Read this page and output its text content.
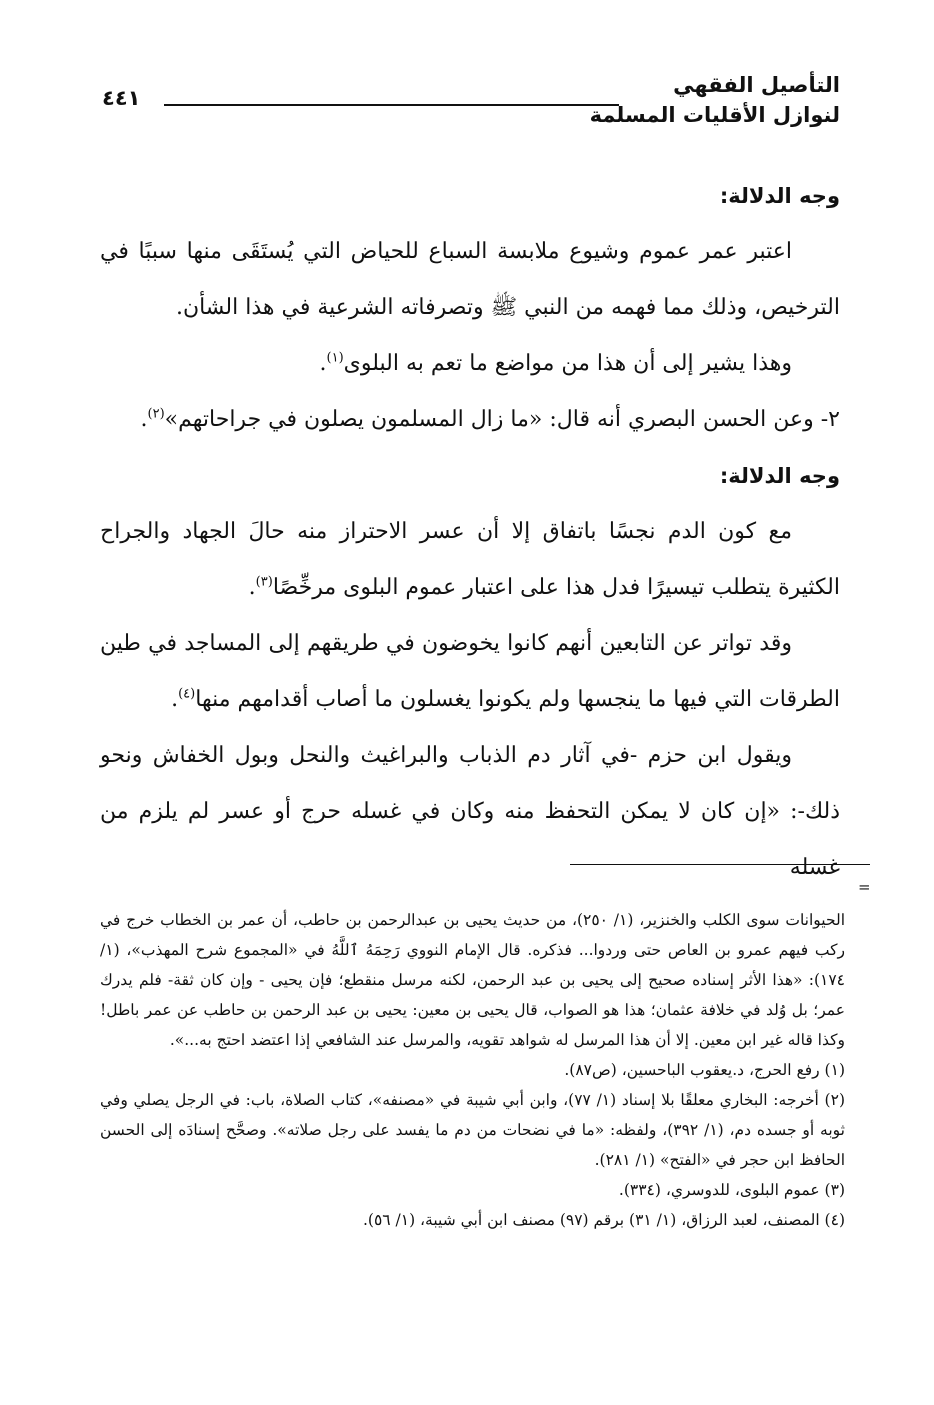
التأصيل الفقهي
لنوازل الأقليات المسلمة
٤٤١

وجه الدلالة:

اعتبر عمر عموم وشيوع ملابسة السباع للحياض التي يُستَقَى منها سببًا في الترخيص، وذلك مما فهمه من النبي ﷺ وتصرفاته الشرعية في هذا الشأن.

وهذا يشير إلى أن هذا من مواضع ما تعم به البلوى$^{(١)}$.

٢- وعن الحسن البصري أنه قال: «ما زال المسلمون يصلون في جراحاتهم»$^{(٢)}$.

وجه الدلالة:

مع كون الدم نجسًا باتفاق إلا أن عسر الاحتراز منه حالَ الجهاد والجراح الكثيرة يتطلب تيسيرًا فدل هذا على اعتبار عموم البلوى مرخِّصًا$^{(٣)}$.

وقد تواتر عن التابعين أنهم كانوا يخوضون في طريقهم إلى المساجد في طين الطرقات التي فيها ما ينجسها ولم يكونوا يغسلون ما أصاب أقدامهم منها$^{(٤)}$.

ويقول ابن حزم -في آثار دم الذباب والبراغيث والنحل وبول الخفاش ونحو ذلك-: «إن كان لا يمكن التحفظ منه وكان في غسله حرج أو عسر لم يلزم من غسله

=

الحيوانات سوى الكلب والخنزير، (١/ ٢٥٠)، من حديث يحيى بن عبدالرحمن بن حاطب، أن عمر بن الخطاب خرج في ركب فيهم عمرو بن العاص حتى وردوا... فذكره. قال الإمام النووي رَحِمَهُ ٱللَّهُ في «المجموع شرح المهذب»، (١/ ١٧٤): «هذا الأثر إسناده صحيح إلى يحيى بن عبد الرحمن، لكنه مرسل منقطع؛ فإن يحيى - وإن كان ثقة- فلم يدرك عمر؛ بل وُلد في خلافة عثمان؛ هذا هو الصواب، قال يحيى بن معين: يحيى بن عبد الرحمن بن حاطب عن عمر باطل! وكذا قاله غير ابن معين. إلا أن هذا المرسل له شواهد تقويه، والمرسل عند الشافعي إذا اعتضد احتج به...».

(١) رفع الحرج، د.يعقوب الباحسين، (ص٨٧).

(٢) أخرجه: البخاري معلقًا بلا إسناد (١/ ٧٧)، وابن أبي شيبة في «مصنفه»، كتاب الصلاة، باب: في الرجل يصلي وفي ثوبه أو جسده دم، (١/ ٣٩٢)، ولفظه: «ما في نضحات من دم ما يفسد على رجل صلاته». وصحَّح إسنادَه إلى الحسن الحافظ ابن حجر في «الفتح» (١/ ٢٨١).

(٣) عموم البلوى، للدوسري، (٣٣٤).

(٤) المصنف، لعبد الرزاق، (١/ ٣١) برقم (٩٧) مصنف ابن أبي شيبة، (١/ ٥٦).
